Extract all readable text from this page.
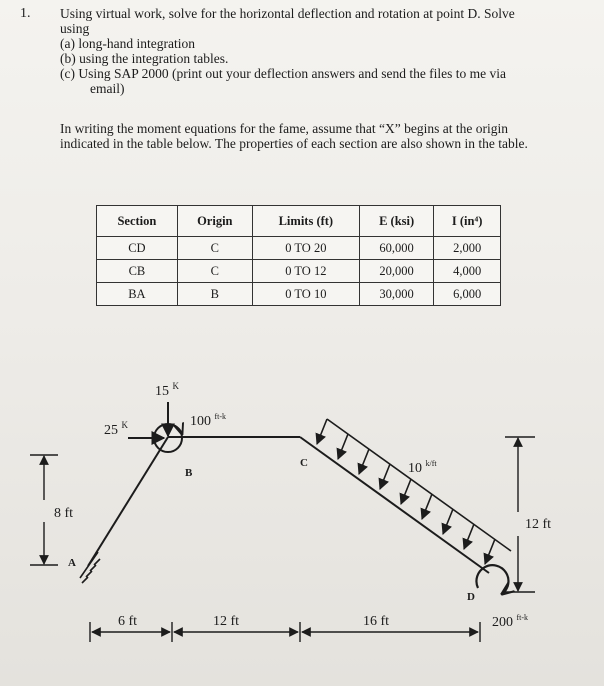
1. Using virtual work, solve for the horizontal deflection and rotation at point D. Solve
using
(a) long-hand integration
(b) using the integration tables.
(c) Using SAP 2000 (print out your deflection answers and send the files to me via
email)
In writing the moment equations for the fame, assume that “X” begins at the origin
indicated in the table below. The properties of each section are also shown in the table.
Section	Origin	Limits (ft)	E (ksi)	I (in⁴)
CD	C	0 TO 20	60,000	2,000
CB	C	0 TO 12	20,000	4,000
BA	B	0 TO 10	30,000	6,000
15 $^K$
25 $^K$	100 $^{ft-k}$
10 $^{k/ft}$
200 $^{ft-k}$
A
B
C
D
8 ft
12 ft
6 ft	12 ft	16 ft
